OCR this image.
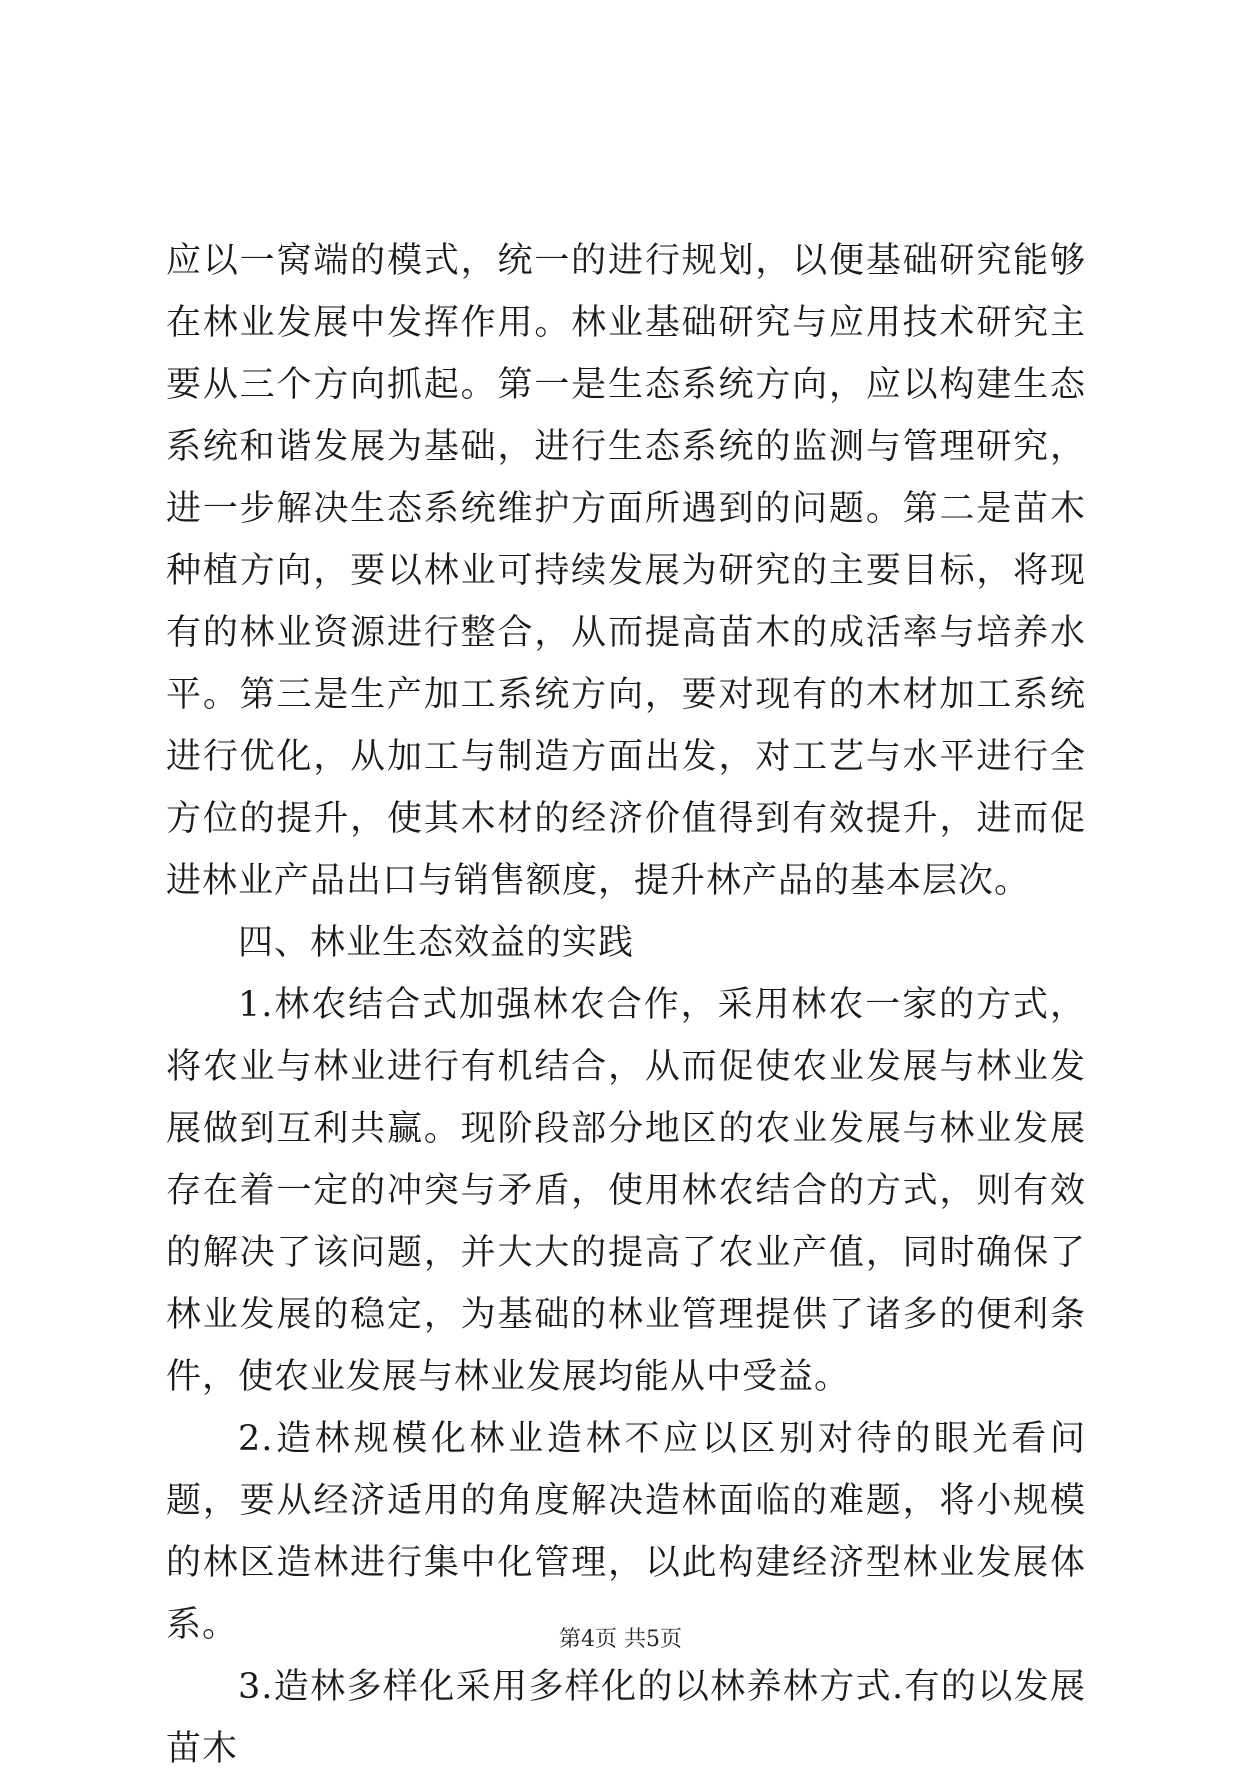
应以一窝端的模式，统一的进行规划，以便基础研究能够在林业发展中发挥作用。林业基础研究与应用技术研究主要从三个方向抓起。第一是生态系统方向，应以构建生态系统和谐发展为基础，进行生态系统的监测与管理研究，进一步解决生态系统维护方面所遇到的问题。第二是苗木种植方向，要以林业可持续发展为研究的主要目标，将现有的林业资源进行整合，从而提高苗木的成活率与培养水平。第三是生产加工系统方向，要对现有的木材加工系统进行优化，从加工与制造方面出发，对工艺与水平进行全方位的提升，使其木材的经济价值得到有效提升，进而促进林业产品出口与销售额度，提升林产品的基本层次。

四、林业生态效益的实践

1.林农结合式加强林农合作，采用林农一家的方式，将农业与林业进行有机结合，从而促使农业发展与林业发展做到互利共赢。现阶段部分地区的农业发展与林业发展存在着一定的冲突与矛盾，使用林农结合的方式，则有效的解决了该问题，并大大的提高了农业产值，同时确保了林业发展的稳定，为基础的林业管理提供了诸多的便利条件，使农业发展与林业发展均能从中受益。

2.造林规模化林业造林不应以区别对待的眼光看问题，要从经济适用的角度解决造林面临的难题，将小规模的林区造林进行集中化管理，以此构建经济型林业发展体系。

3.造林多样化采用多样化的以林养林方式.有的以发展苗木

第4页 共5页
